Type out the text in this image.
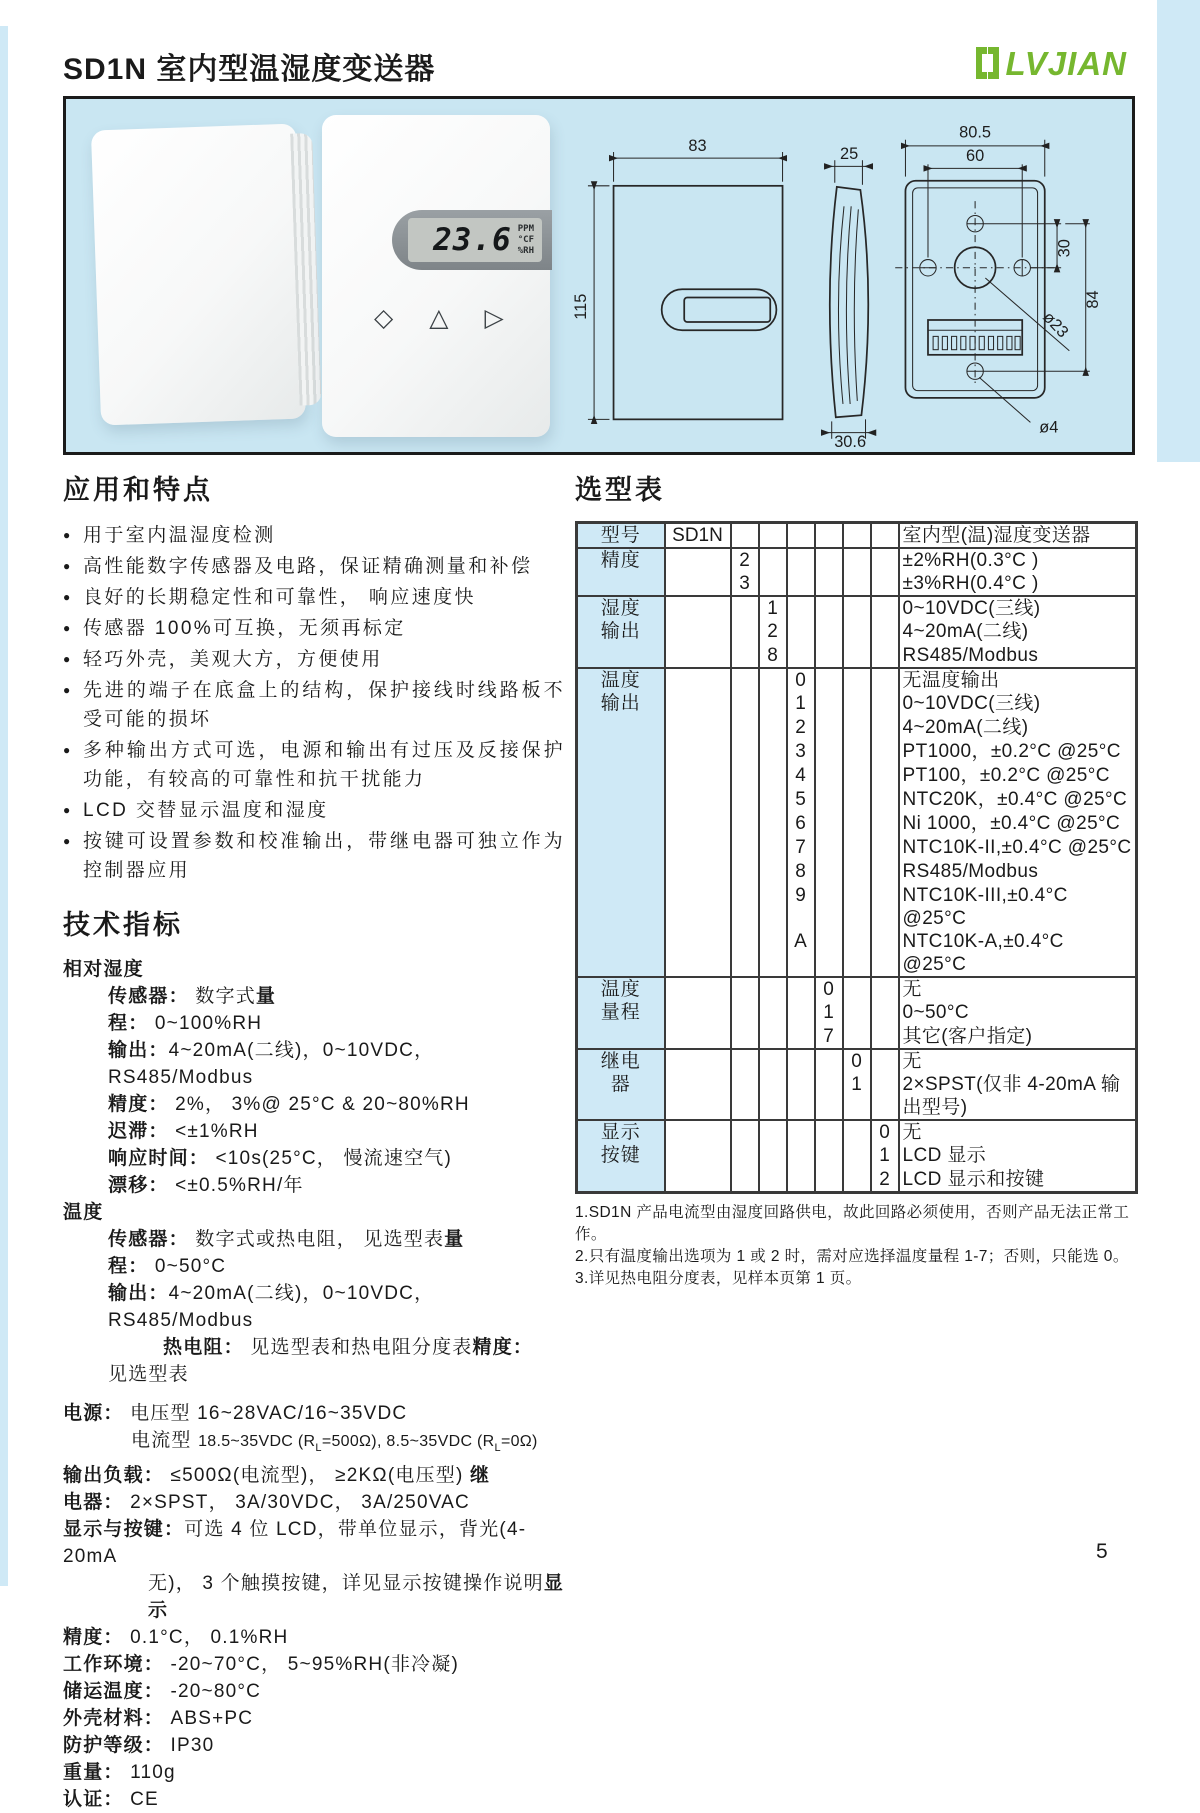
SD1N 室内型温湿度变送器	LVJIAN
23.6 PPM
°CF
%RH
◇ △ ▷
83
115
25
30.6
80.5
60
30
84
ø23
ø4
应用和特点
● 用于室内温湿度检测
● 高性能数字传感器及电路，保证精确测量和补偿
● 良好的长期稳定性和可靠性， 响应速度快
● 传感器 100%可互换，无须再标定
● 轻巧外壳，美观大方，方便使用
● 先进的端子在底盒上的结构，保护接线时线路板不受可能的损坏
● 多种输出方式可选，电源和输出有过压及反接保护功能，有较高的可靠性和抗干扰能力
● LCD 交替显示温度和湿度
● 按键可设置参数和校准输出，带继电器可独立作为控制器应用
技术指标
相对湿度
传感器： 数字式量
程： 0~100%RH
输出：4~20mA(二线)，0~10VDC，RS485/Modbus
精度： 2%， 3%@ 25°C & 20~80%RH
迟滞： <±1%RH
响应时间： <10s(25°C， 慢流速空气)
漂移： <±0.5%RH/年
温度
传感器： 数字式或热电阻， 见选型表量
程： 0~50°C
输出：4~20mA(二线)，0~10VDC，RS485/Modbus
热电阻： 见选型表和热电阻分度表精度：
见选型表
电源： 电压型 16~28VAC/16~35VDC
电流型 18.5~35VDC $(R_L=500\Omega)$, 8.5~35VDC $(R_L=0\Omega)$
输出负载： ≤500Ω(电流型)， ≥2KΩ(电压型) 继
电器： 2×SPST， 3A/30VDC， 3A/250VAC
显示与按键：可选 4 位 LCD，带单位显示，背光(4-20mA
无)， 3 个触摸按键，详见显示按键操作说明显示
精度： 0.1°C， 0.1%RH
工作环境： -20~70°C， 5~95%RH(非冷凝)
储运温度： -20~80°C
外壳材料： ABS+PC
防护等级： IP30
重量： 110g
认证： CE
选型表
型号	SD1N							室内型(温)湿度变送器
精度		2						±2%RH(0.3°C )
		3						±3%RH(0.4°C )
湿度输出			1					0~10VDC(三线)
			2					4~20mA(二线)
			8					RS485/Modbus
温度输出				0				无温度输出
				1				0~10VDC(三线)
				2				4~20mA(二线)
				3				PT1000，±0.2°C @25°C
				4				PT100，±0.2°C @25°C
				5				NTC20K，±0.4°C @25°C
				6				Ni 1000，±0.4°C @25°C
				7				NTC10K-II,±0.4°C @25°C
				8				RS485/Modbus
				9				NTC10K-III,±0.4°C @25°C
				A				NTC10K-A,±0.4°C @25°C
温度量程					0			无
					1			0~50°C
					7			其它(客户指定)
继电器						0		无
						1		2×SPST(仅非 4-20mA 输出型号)
显示按键							0	无
							1	LCD 显示
							2	LCD 显示和按键
1.SD1N 产品电流型由湿度回路供电，故此回路必须使用，否则产品无法正常工作。
2.只有温度输出选项为 1 或 2 时，需对应选择温度量程 1-7；否则，只能选 0。
3.详见热电阻分度表，见样本页第 1 页。
5
